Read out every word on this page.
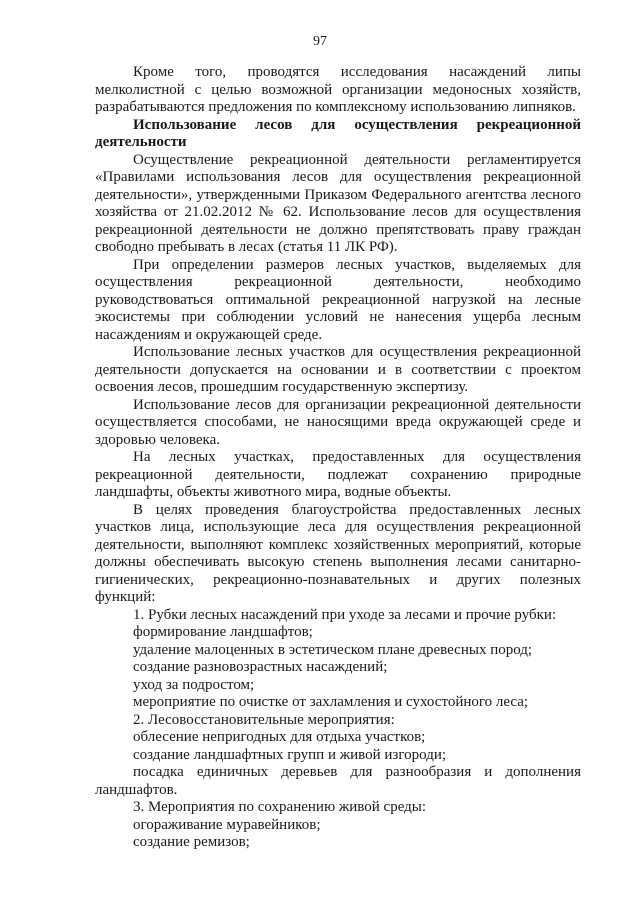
97

Кроме того, проводятся исследования насаждений липы мелколистной с целью возможной организации медоносных хозяйств, разрабатываются предложения по комплексному использованию липняков.

Использование лесов для осуществления рекреационной деятельности

Осуществление рекреационной деятельности регламентируется «Правилами использования лесов для осуществления рекреационной деятельности», утвержденными Приказом Федерального агентства лесного хозяйства от 21.02.2012 № 62. Использование лесов для осуществления рекреационной деятельности не должно препятствовать праву граждан свободно пребывать в лесах (статья 11 ЛК РФ).

При определении размеров лесных участков, выделяемых для осуществления рекреационной деятельности, необходимо руководствоваться оптимальной рекреационной нагрузкой на лесные экосистемы при соблюдении условий не нанесения ущерба лесным насаждениям и окружающей среде.

Использование лесных участков для осуществления рекреационной деятельности допускается на основании и в соответствии с проектом освоения лесов, прошедшим государственную экспертизу.

Использование лесов для организации рекреационной деятельности осуществляется способами, не наносящими вреда окружающей среде и здоровью человека.

На лесных участках, предоставленных для осуществления рекреационной деятельности, подлежат сохранению природные ландшафты, объекты животного мира, водные объекты.

В целях проведения благоустройства предоставленных лесных участков лица, использующие леса для осуществления рекреационной деятельности, выполняют комплекс хозяйственных мероприятий, которые должны обеспечивать высокую степень выполнения лесами санитарно-гигиенических, рекреационно-познавательных и других полезных функций:

1. Рубки лесных насаждений при уходе за лесами и прочие рубки:

формирование ландшафтов;

удаление малоценных в эстетическом плане древесных пород;

создание разновозрастных насаждений;

уход за подростом;

мероприятие по очистке от захламления и сухостойного леса;

2. Лесовосстановительные мероприятия:

облесение непригодных для отдыха участков;

создание ландшафтных групп и живой изгороди;

посадка единичных деревьев для разнообразия и дополнения ландшафтов.

3. Мероприятия по сохранению живой среды:

огораживание муравейников;

создание ремизов;
